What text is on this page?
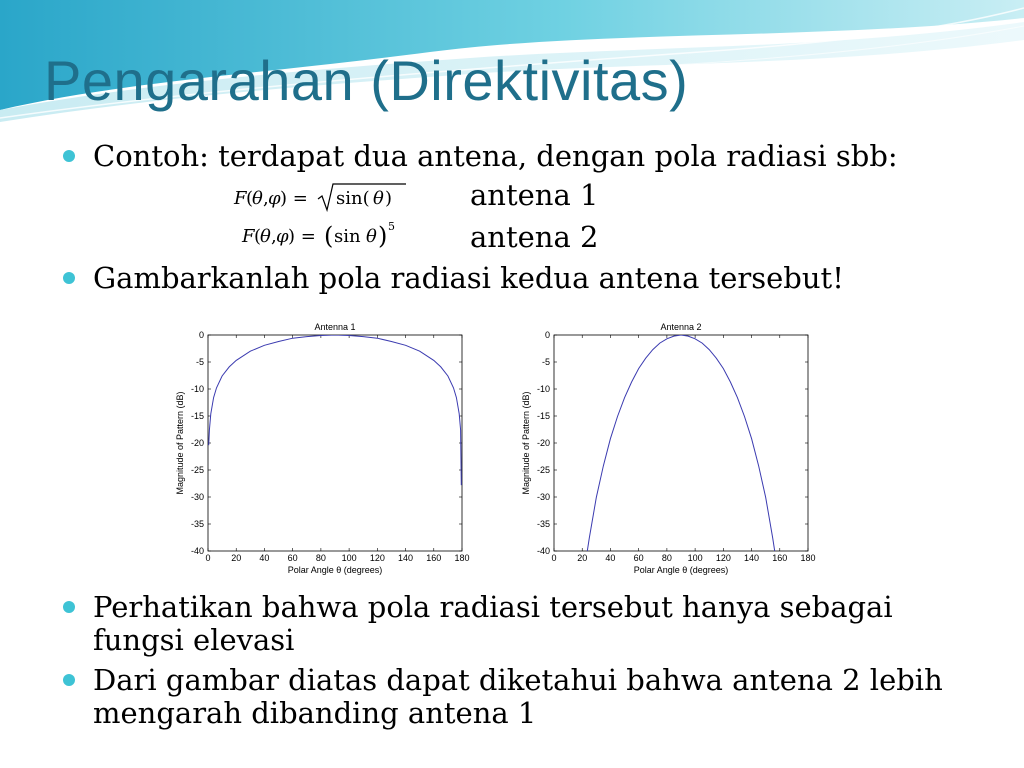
Pengarahan (Direktivitas)
Contoh: terdapat dua antena, dengan pola radiasi sbb:
F (
θ , φ ) = sin( θ )	antena 1
F (
θ , φ ) = ( sin θ ) 5	antena 2
Gambarkanlah pola radiasi kedua antena tersebut!
Antenna 1
0 20 40 60 80 100 120 140 160 180
0
-5
-10
-15
-20
-25
-30
-35
-40
Polar Angle θ (degrees)
Magnitude of Pattern (dB)
Antenna 2
0 20 40 60 80 100 120 140 160 180
0
-5
-10
-15
-20
-25
-30
-35
-40
Polar Angle θ (degrees)
Magnitude of Pattern (dB)
Perhatikan bahwa pola radiasi tersebut hanya sebagai
fungsi elevasi
Dari gambar diatas dapat diketahui bahwa antena 2 lebih
mengarah dibanding antena 1
